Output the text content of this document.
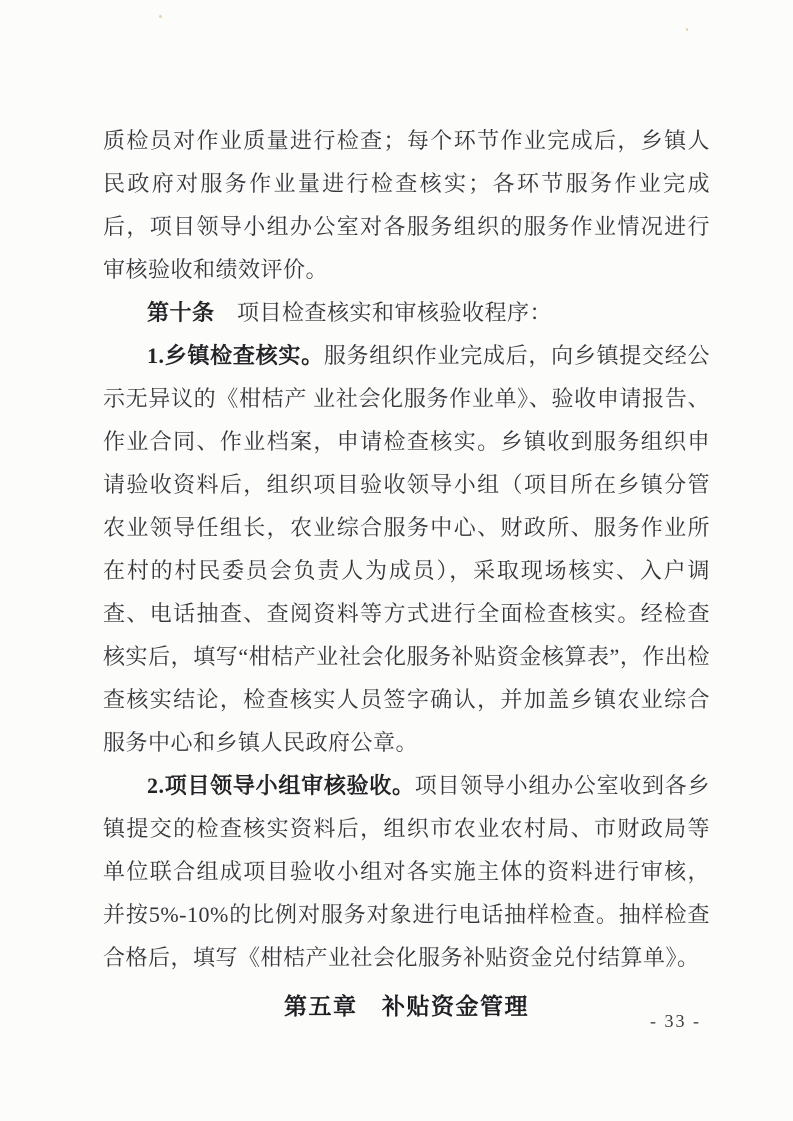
质检员对作业质量进行检查；每个环节作业完成后，乡镇人民政府对服务作业量进行检查核实；各环节服务作业完成后，项目领导小组办公室对各服务组织的服务作业情况进行审核验收和绩效评价。

第十条　项目检查核实和审核验收程序：

1.乡镇检查核实。服务组织作业完成后，向乡镇提交经公示无异议的《柑桔产 业社会化服务作业单》、验收申请报告、作业合同、作业档案，申请检查核实。乡镇收到服务组织申请验收资料后，组织项目验收领导小组（项目所在乡镇分管农业领导任组长，农业综合服务中心、财政所、服务作业所在村的村民委员会负责人为成员），采取现场核实、入户调查、电话抽查、查阅资料等方式进行全面检查核实。经检查核实后，填写“柑桔产业社会化服务补贴资金核算表”，作出检查核实结论，检查核实人员签字确认，并加盖乡镇农业综合服务中心和乡镇人民政府公章。

2.项目领导小组审核验收。项目领导小组办公室收到各乡镇提交的检查核实资料后，组织市农业农村局、市财政局等单位联合组成项目验收小组对各实施主体的资料进行审核，并按5%-10%的比例对服务对象进行电话抽样检查。抽样检查合格后，填写《柑桔产业社会化服务补贴资金兑付结算单》。

第五章　补贴资金管理
- 33 -
